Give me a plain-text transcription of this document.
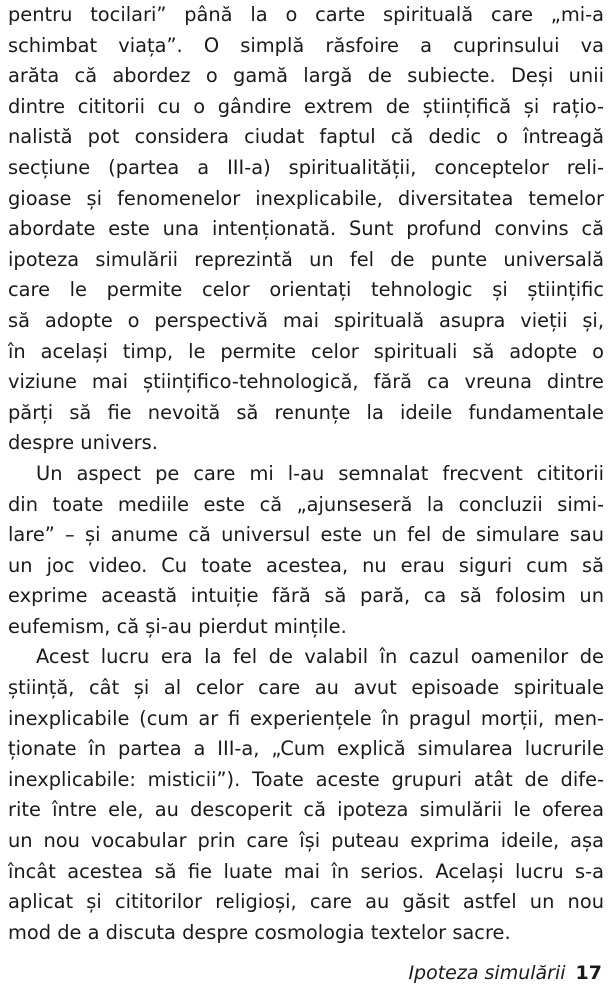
pentru tocilari” până la o carte spirituală care „mi-a
schimbat viața”. O simplă răsfoire a cuprinsului va
arăta că abordez o gamă largă de subiecte. Deși unii
dintre cititorii cu o gândire extrem de științifică și rațio-
nalistă pot considera ciudat faptul că dedic o întreagă
secțiune (partea a III-a) spiritualității, conceptelor reli-
gioase și fenomenelor inexplicabile, diversitatea temelor
abordate este una intenționată. Sunt profund convins că
ipoteza simulării reprezintă un fel de punte universală
care le permite celor orientați tehnologic și științific
să adopte o perspectivă mai spirituală asupra vieții și,
în același timp, le permite celor spirituali să adopte o
viziune mai științifico-tehnologică, fără ca vreuna dintre
părți să fie nevoită să renunțe la ideile fundamentale
despre univers.
Un aspect pe care mi l-au semnalat frecvent cititorii
din toate mediile este că „ajunseseră la concluzii simi-
lare” – și anume că universul este un fel de simulare sau
un joc video. Cu toate acestea, nu erau siguri cum să
exprime această intuiție fără să pară, ca să folosim un
eufemism, că și-au pierdut mințile.
Acest lucru era la fel de valabil în cazul oamenilor de
știință, cât și al celor care au avut episoade spirituale
inexplicabile (cum ar fi experiențele în pragul morții, men-
ționate în partea a III-a, „Cum explică simularea lucrurile
inexplicabile: misticii”). Toate aceste grupuri atât de dife-
rite între ele, au descoperit că ipoteza simulării le oferea
un nou vocabular prin care își puteau exprima ideile, așa
încât acestea să fie luate mai în serios. Același lucru s-a
aplicat și cititorilor religioși, care au găsit astfel un nou
mod de a discuta despre cosmologia textelor sacre.
Ipoteza simulării 17
